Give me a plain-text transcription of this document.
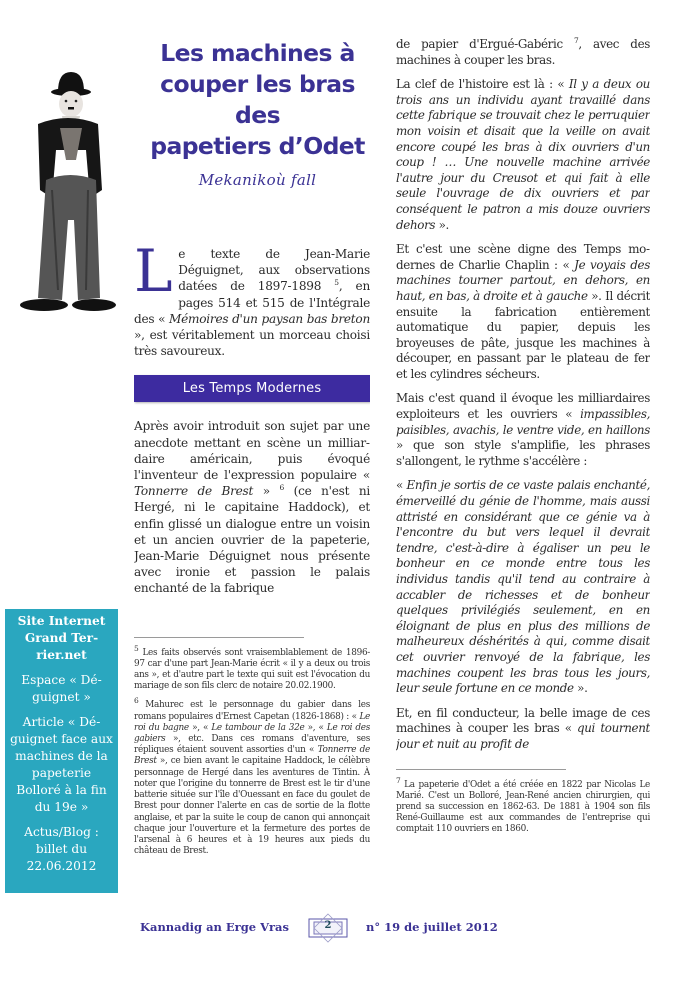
Les machines à
couper les bras des
papetiers d’Odet
Mekanikoù fall
Le texte de Jean-Marie Déguignet, aux observations datées de 1897-1898 $^5$, en pages 514 et 515 de l'Intégrale des « Mémoires d'un paysan bas breton », est véritablement un morceau choisi très savoureux.
Les Temps Modernes
Après avoir introduit son sujet par une anecdote mettant en scène un milliardaire américain, puis évoqué l'inventeur de l'expression populaire « Tonnerre de Brest » $^6$ (ce n'est ni Hergé, ni le capitaine Haddock), et enfin glissé un dialogue entre un voisin et un ancien ouvrier de la papeterie, Jean-Marie Déguignet nous présente avec ironie et passion le palais enchanté de la fabrique
$^5$ Les faits observés sont vraisemblablement de 1896-97 car d'une part Jean-Marie écrit « il y a deux ou trois ans », et d'autre part le texte qui suit est l'évocation du mariage de son fils clerc de notaire 20.02.1900.
$^6$ Mahurec est le personnage du gabier dans les romans populaires d'Ernest Capetan (1826-1868) : « Le roi du bagne », « Le tambour de la 32e », « Le roi des gabiers », etc. Dans ces romans d'aventure, ses répliques étaient souvent assorties d'un « Tonnerre de Brest », ce bien avant le capitaine Haddock, le célèbre personnage de Hergé dans les aventures de Tintin. À noter que l'origine du tonnerre de Brest est le tir d'une batterie située sur l'île d'Ouessant en face du goulet de Brest pour donner l'alerte en cas de sortie de la flotte anglaise, et par la suite le coup de canon qui annonçait chaque jour l'ouverture et la fermeture des portes de l'arsenal à 6 heures et à 19 heures aux pieds du château de Brest.
de papier d'Ergué-Gabéric $^7$, avec des machines à couper les bras.
La clef de l'histoire est là : « Il y a deux ou trois ans un individu ayant travaillé dans cette fabrique se trouvait chez le perruquier mon voisin et disait que la veille on avait encore coupé les bras à dix ouvriers d'un coup ! … Une nouvelle machine arrivée l'autre jour du Creusot et qui fait à elle seule l'ouvrage de dix ouvriers et par conséquent le patron a mis douze ouvriers dehors ».
Et c'est une scène digne des Temps modernes de Charlie Chaplin : « Je voyais des machines tourner partout, en dehors, en haut, en bas, à droite et à gauche ». Il décrit ensuite la fabrication entièrement automatique du papier, depuis les broyeuses de pâte, jusque les machines à découper, en passant par le plateau de fer et les cylindres sécheurs.
Mais c'est quand il évoque les milliardaires exploiteurs et les ouvriers « impassibles, paisibles, avachis, le ventre vide, en haillons » que son style s'amplifie, les phrases s'allongent, le rythme s'accélère :
« Enfin je sortis de ce vaste palais enchanté, émerveillé du génie de l'homme, mais aussi attristé en considérant que ce génie va à l'encontre du but vers lequel il devrait tendre, c'est-à-dire à égaliser un peu le bonheur en ce monde entre tous les individus tandis qu'il tend au contraire à accabler de richesses et de bonheur quelques privilégiés seulement, en en éloignant de plus en plus des millions de malheureux déshérités à qui, comme disait cet ouvrier renvoyé de la fabrique, les machines coupent les bras tous les jours, leur seule fortune en ce monde ».
Et, en fil conducteur, la belle image de ces machines à couper les bras « qui tournent jour et nuit au profit de
$^7$ La papeterie d'Odet a été créée en 1822 par Nicolas Le Marié. C'est un Bolloré, Jean-René ancien chirurgien, qui prend sa succession en 1862-63. De 1881 à 1904 son fils René-Guillaume est aux commandes de l'entreprise qui comptait 110 ouvriers en 1860.
Site Internet Grand Terrier.net
Espace « Déguignet »
Article « Déguignet face aux machines de la papeterie Bolloré à la fin du 19e »
Actus/Blog : billet du 22.06.2012
Kannadig an Erge Vras	2	n° 19 de juillet 2012
